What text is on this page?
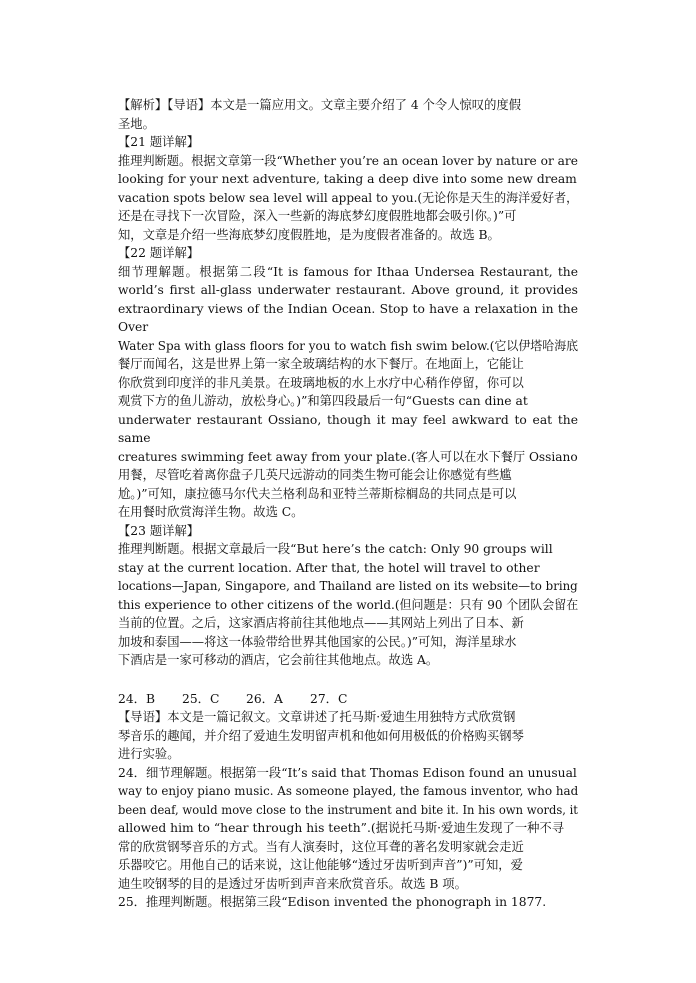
【解析】【导语】本文是一篇应用文。文章主要介绍了 4 个令人惊叹的度假
圣地。
【21 题详解】
推理判断题。根据文章第一段“Whether you’re an ocean lover by nature or are
looking for your next adventure, taking a deep dive into some new dream
vacation spots below sea level will appeal to you.(无论你是天生的海洋爱好者，
还是在寻找下一次冒险，深入一些新的海底梦幻度假胜地都会吸引你。)”可
知，文章是介绍一些海底梦幻度假胜地，是为度假者准备的。故选 B。
【22 题详解】
细节理解题。根据第二段“It is famous for Ithaa Undersea Restaurant, the
world’s first all-glass underwater restaurant. Above ground, it provides
extraordinary views of the Indian Ocean. Stop to have a relaxation in the Over
Water Spa with glass floors for you to watch fish swim below.(它以伊塔哈海底
餐厅而闻名，这是世界上第一家全玻璃结构的水下餐厅。在地面上，它能让
你欣赏到印度洋的非凡美景。在玻璃地板的水上水疗中心稍作停留，你可以
观赏下方的鱼儿游动，放松身心。)”和第四段最后一句“Guests can dine at
underwater restaurant Ossiano, though it may feel awkward to eat the same
creatures swimming feet away from your plate.(客人可以在水下餐厅 Ossiano
用餐，尽管吃着离你盘子几英尺远游动的同类生物可能会让你感觉有些尴
尬。)”可知，康拉德马尔代夫兰格利岛和亚特兰蒂斯棕榈岛的共同点是可以
在用餐时欣赏海洋生物。故选 C。
【23 题详解】
推理判断题。根据文章最后一段“But here’s the catch: Only 90 groups will
stay at the current location. After that, the hotel will travel to other
locations—Japan, Singapore, and Thailand are listed on its website—to bring
this experience to other citizens of the world.(但问题是：只有 90 个团队会留在
当前的位置。之后，这家酒店将前往其他地点——其网站上列出了日本、新
加坡和泰国——将这一体验带给世界其他国家的公民。)”可知，海洋星球水
下酒店是一家可移动的酒店，它会前往其他地点。故选 A。
24．B 25．C 26．A 27．C
【导语】本文是一篇记叙文。文章讲述了托马斯·爱迪生用独特方式欣赏钢
琴音乐的趣闻，并介绍了爱迪生发明留声机和他如何用极低的价格购买钢琴
进行实验。
24．细节理解题。根据第一段“It’s said that Thomas Edison found an unusual
way to enjoy piano music. As someone played, the famous inventor, who had
been deaf, would move close to the instrument and bite it. In his own words, it
allowed him to “hear through his teeth”.(据说托马斯·爱迪生发现了一种不寻
常的欣赏钢琴音乐的方式。当有人演奏时，这位耳聋的著名发明家就会走近
乐器咬它。用他自己的话来说，这让他能够“透过牙齿听到声音”)”可知，爱
迪生咬钢琴的目的是透过牙齿听到声音来欣赏音乐。故选 B 项。
25．推理判断题。根据第三段“Edison invented the phonograph in 1877.
